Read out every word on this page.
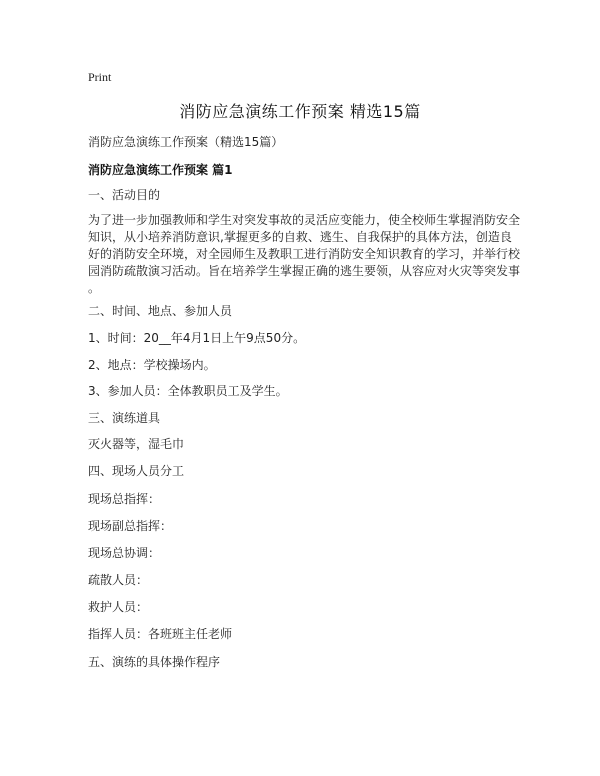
Print
消防应急演练工作预案 精选15篇
消防应急演练工作预案（精选15篇）
消防应急演练工作预案 篇1
一、活动目的
为了进一步加强教师和学生对突发事故的灵活应变能力，使全校师生掌握消防安全
知识，从小培养消防意识,掌握更多的自救、逃生、自我保护的具体方法，创造良
好的消防安全环境，对全园师生及教职工进行消防安全知识教育的学习，并举行校
园消防疏散演习活动。旨在培养学生掌握正确的逃生要领，从容应对火灾等突发事
。
二、时间、地点、参加人员
1、时间：20__年4月1日上午9点50分。
2、地点：学校操场内。
3、参加人员：全体教职员工及学生。
三、演练道具
灭火器等，湿毛巾
四、现场人员分工
现场总指挥：
现场副总指挥：
现场总协调：
疏散人员：
救护人员：
指挥人员：各班班主任老师
五、演练的具体操作程序
